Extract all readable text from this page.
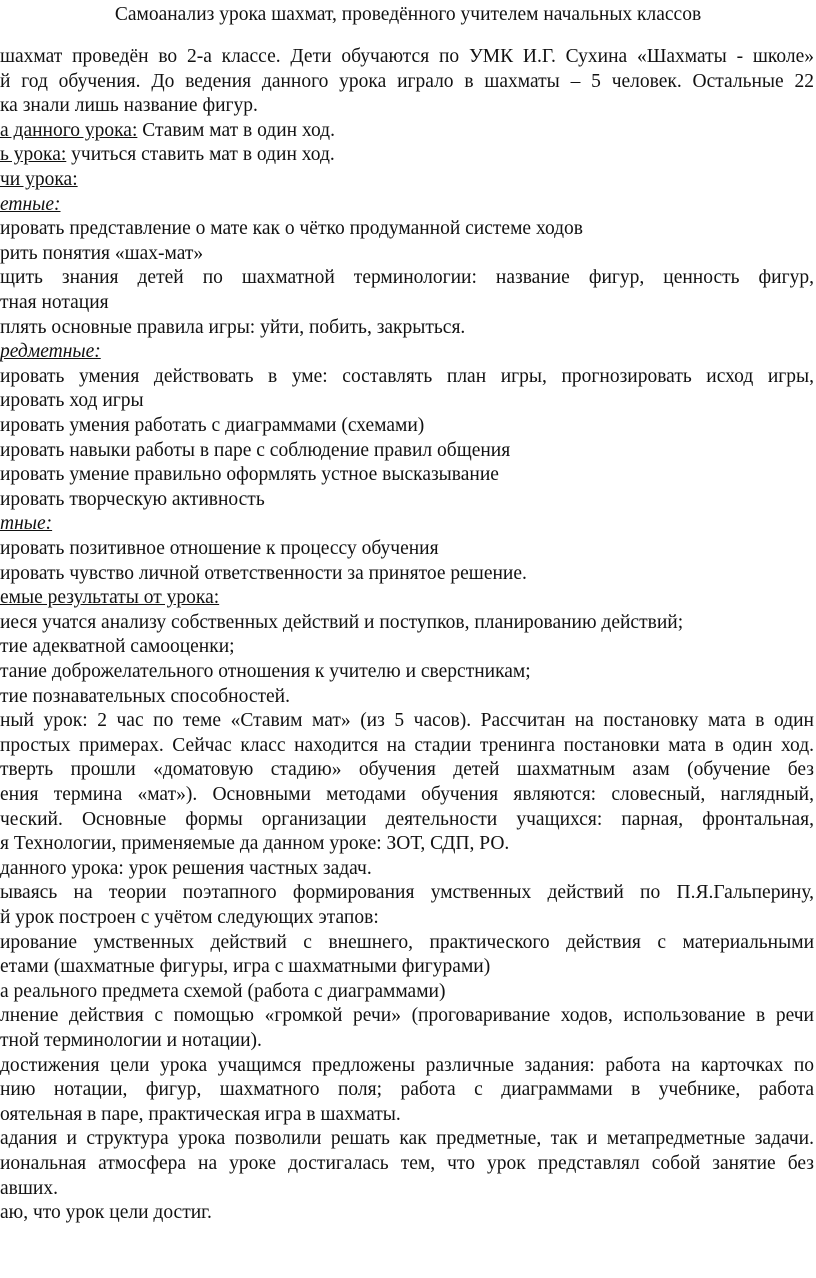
Самоанализ урока шахмат, проведённого учителем начальных классов
шахмат проведён во 2-а классе. Дети обучаются по УМК И.Г. Сухина «Шахматы - школе»
й год обучения. До ведения данного урока играло в шахматы – 5 человек. Остальные 22
ка знали лишь название фигур.
а данного урока: Ставим мат в один ход.
ь урока: учиться ставить мат в один ход.
чи урока:
етные:
ировать представление о мате как о чётко продуманной системе ходов
рить понятия «шах-мат»
щить знания детей по шахматной терминологии: название фигур, ценность фигур,
тная нотация
плять основные правила игры: уйти, побить, закрыться.
редметные:
ировать умения действовать в уме: составлять план игры, прогнозировать исход игры,
ировать ход игры
ировать умения работать с диаграммами (схемами)
ировать навыки работы в паре с соблюдение правил общения
ировать умение правильно оформлять устное высказывание
ировать творческую активность
тные:
ировать позитивное отношение к процессу обучения
ировать чувство личной ответственности за принятое решение.
емые результаты от урока:
иеся учатся анализу собственных действий и поступков, планированию действий;
тие адекватной самооценки;
тание доброжелательного отношения к учителю и сверстникам;
тие познавательных способностей.
ный урок: 2 час по теме «Ставим мат» (из 5 часов). Рассчитан на постановку мата в один
простых примерах. Сейчас класс находится на стадии тренинга постановки мата в один ход.
тверть прошли «доматовую стадию» обучения детей шахматным азам (обучение без
ения термина «мат»). Основными методами обучения являются: словесный, наглядный,
ческий. Основные формы организации деятельности учащихся: парная, фронтальная,
я Технологии, применяемые да данном уроке: ЗОТ, СДП, РО.
данного урока: урок решения частных задач.
ываясь на теории поэтапного формирования умственных действий по П.Я.Гальперину,
й урок построен с учётом следующих этапов:
ирование умственных действий с внешнего, практического действия с материальными
етами (шахматные фигуры, игра с шахматными фигурами)
а реального предмета схемой (работа с диаграммами)
лнение действия с помощью «громкой речи» (проговаривание ходов, использование в речи
тной терминологии и нотации).
достижения цели урока учащимся предложены различные задания: работа на карточках по
нию нотации, фигур, шахматного поля; работа с диаграммами в учебнике, работа
оятельная в паре, практическая игра в шахматы.
адания и структура урока позволили решать как предметные, так и метапредметные задачи.
иональная атмосфера на уроке достигалась тем, что урок представлял собой занятие без
авших.
аю, что урок цели достиг.
